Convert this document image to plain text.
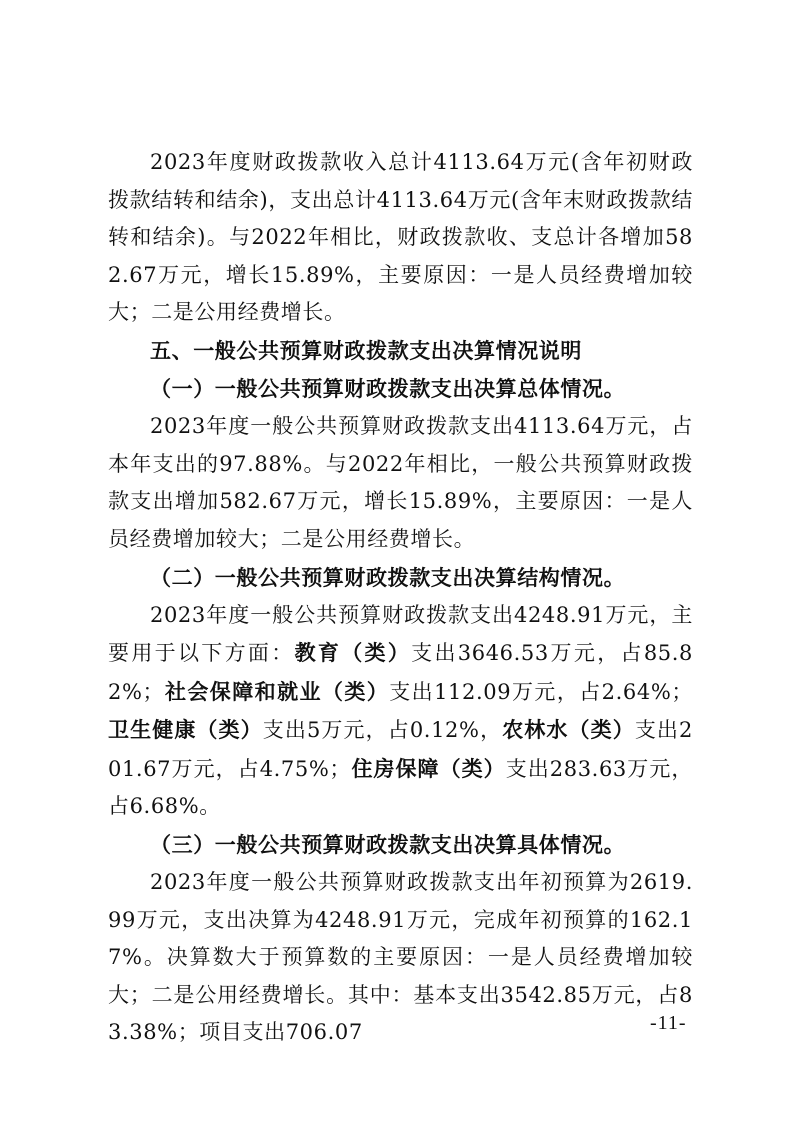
2023年度财政拨款收入总计4113.64万元(含年初财政拨款结转和结余)，支出总计4113.64万元(含年末财政拨款结转和结余)。与2022年相比，财政拨款收、支总计各增加582.67万元，增长15.89%，主要原因：一是人员经费增加较大；二是公用经费增长。

五、一般公共预算财政拨款支出决算情况说明

（一）一般公共预算财政拨款支出决算总体情况。

2023年度一般公共预算财政拨款支出4113.64万元，占本年支出的97.88%。与2022年相比，一般公共预算财政拨款支出增加582.67万元，增长15.89%，主要原因：一是人员经费增加较大；二是公用经费增长。

（二）一般公共预算财政拨款支出决算结构情况。

2023年度一般公共预算财政拨款支出4248.91万元，主要用于以下方面：教育（类）支出3646.53万元，占85.82%；社会保障和就业（类）支出112.09万元，占2.64%；卫生健康（类）支出5万元，占0.12%，农林水（类）支出201.67万元，占4.75%；住房保障（类）支出283.63万元，占6.68%。

（三）一般公共预算财政拨款支出决算具体情况。

2023年度一般公共预算财政拨款支出年初预算为2619.99万元，支出决算为4248.91万元，完成年初预算的162.17%。决算数大于预算数的主要原因：一是人员经费增加较大；二是公用经费增长。其中：基本支出3542.85万元，占83.38%；项目支出706.07	-11-
